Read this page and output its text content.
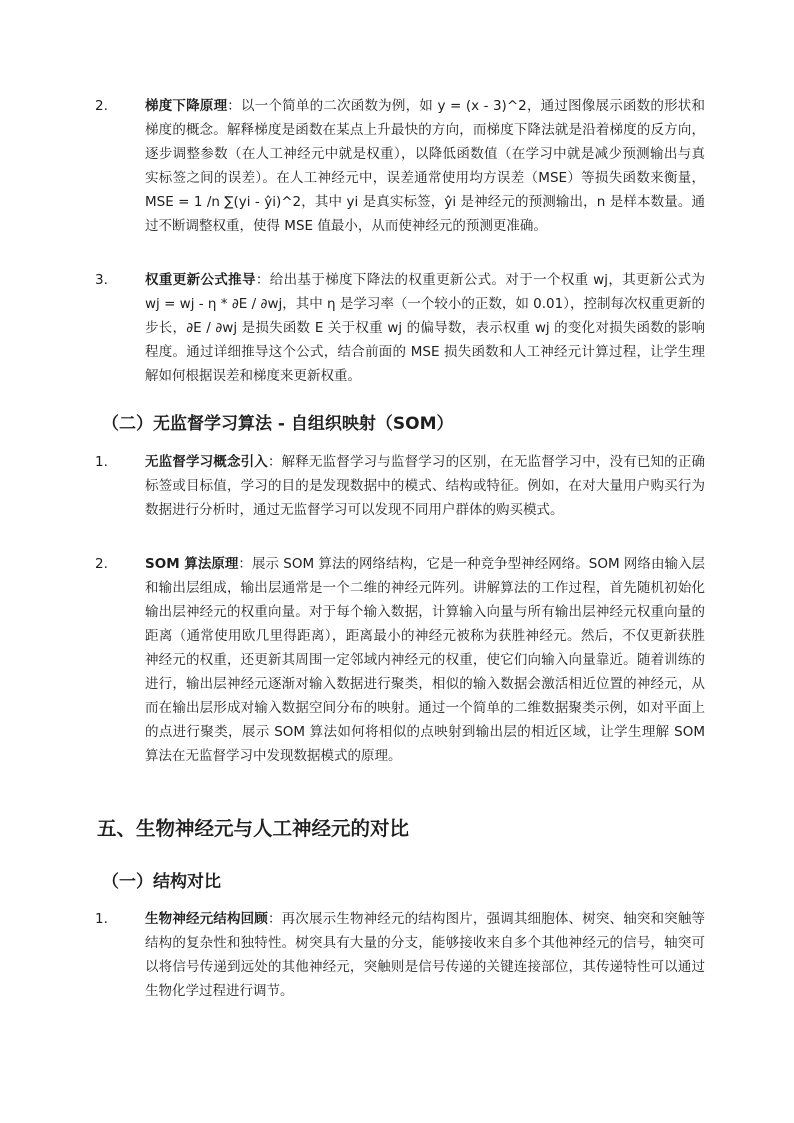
2.	梯度下降原理：以一个简单的二次函数为例，如 y = (x - 3)^2，通过图像展示函数的形状和梯度的概念。解释梯度是函数在某点上升最快的方向，而梯度下降法就是沿着梯度的反方向，逐步调整参数（在人工神经元中就是权重），以降低函数值（在学习中就是减少预测输出与真实标签之间的误差）。在人工神经元中，误差通常使用均方误差（MSE）等损失函数来衡量，MSE = 1 /n ∑(yi - ŷi)^2，其中 yi 是真实标签，ŷi 是神经元的预测输出，n 是样本数量。通过不断调整权重，使得 MSE 值最小，从而使神经元的预测更准确。
3.	权重更新公式推导：给出基于梯度下降法的权重更新公式。对于一个权重 wj，其更新公式为 wj = wj - η * ∂E / ∂wj，其中 η 是学习率（一个较小的正数，如 0.01），控制每次权重更新的步长，∂E / ∂wj 是损失函数 E 关于权重 wj 的偏导数，表示权重 wj 的变化对损失函数的影响程度。通过详细推导这个公式，结合前面的 MSE 损失函数和人工神经元计算过程，让学生理解如何根据误差和梯度来更新权重。
（二）无监督学习算法 - 自组织映射（SOM）
1.	无监督学习概念引入：解释无监督学习与监督学习的区别，在无监督学习中，没有已知的正确标签或目标值，学习的目的是发现数据中的模式、结构或特征。例如，在对大量用户购买行为数据进行分析时，通过无监督学习可以发现不同用户群体的购买模式。
2.	SOM 算法原理：展示 SOM 算法的网络结构，它是一种竞争型神经网络。SOM 网络由输入层和输出层组成，输出层通常是一个二维的神经元阵列。讲解算法的工作过程，首先随机初始化输出层神经元的权重向量。对于每个输入数据，计算输入向量与所有输出层神经元权重向量的距离（通常使用欧几里得距离），距离最小的神经元被称为获胜神经元。然后，不仅更新获胜神经元的权重，还更新其周围一定邻域内神经元的权重，使它们向输入向量靠近。随着训练的进行，输出层神经元逐渐对输入数据进行聚类，相似的输入数据会激活相近位置的神经元，从而在输出层形成对输入数据空间分布的映射。通过一个简单的二维数据聚类示例，如对平面上的点进行聚类，展示 SOM 算法如何将相似的点映射到输出层的相近区域，让学生理解 SOM 算法在无监督学习中发现数据模式的原理。
五、生物神经元与人工神经元的对比
（一）结构对比
1.	生物神经元结构回顾：再次展示生物神经元的结构图片，强调其细胞体、树突、轴突和突触等结构的复杂性和独特性。树突具有大量的分支，能够接收来自多个其他神经元的信号，轴突可以将信号传递到远处的其他神经元，突触则是信号传递的关键连接部位，其传递特性可以通过生物化学过程进行调节。
